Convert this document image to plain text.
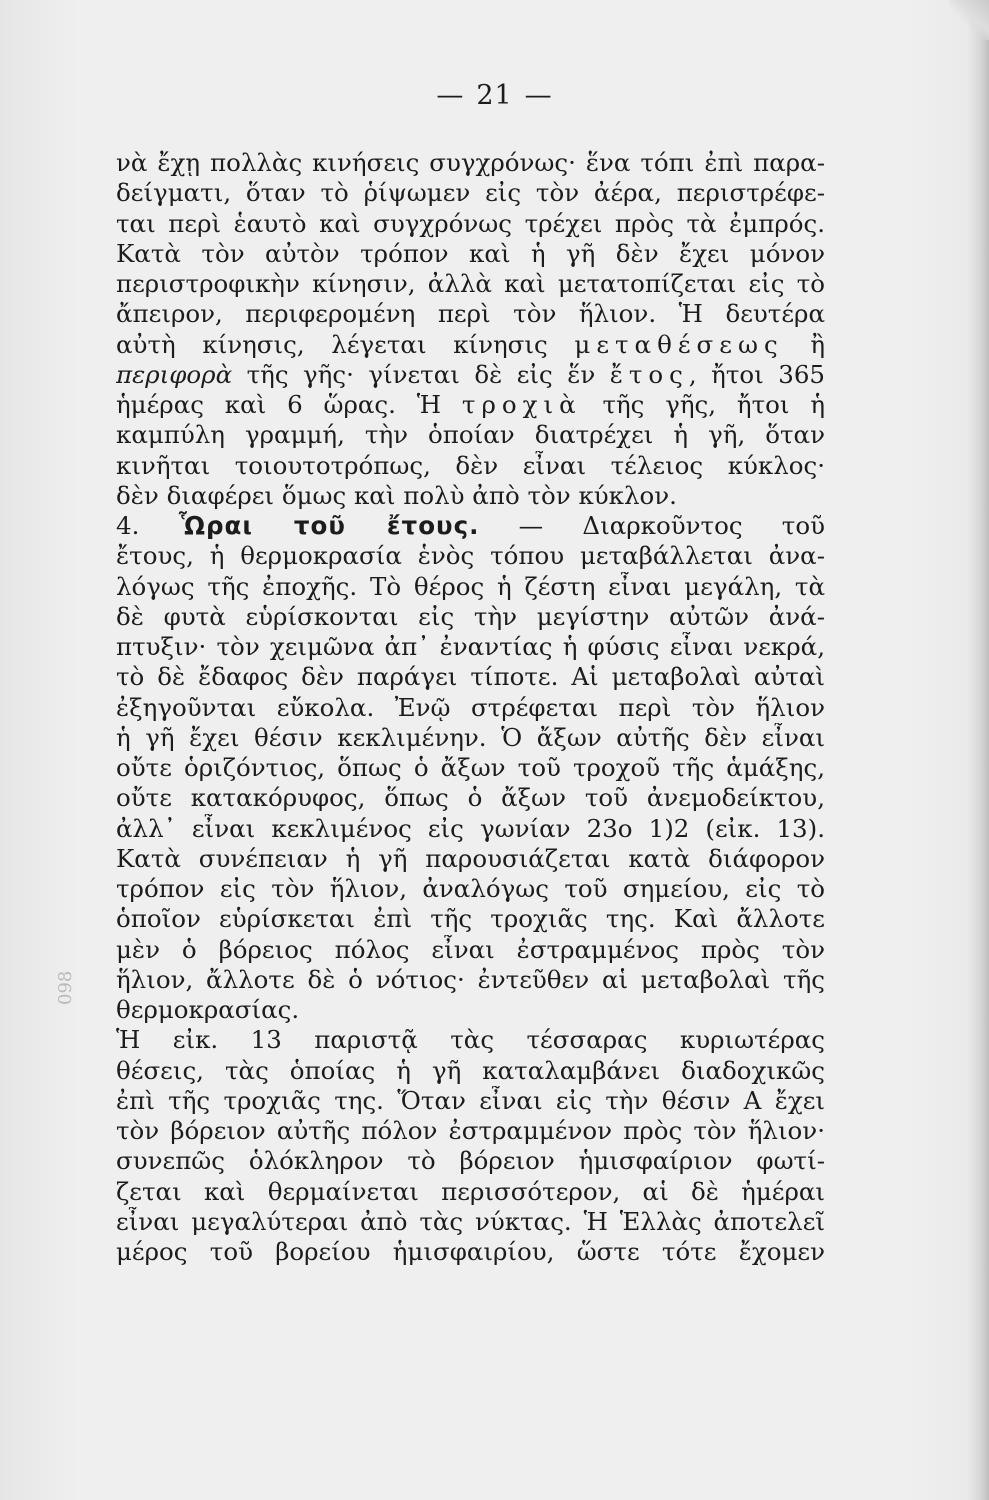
— 21 —
098
νὰ ἔχῃ πολλὰς κινήσεις συγχρόνως· ἕνα τόπι ἐπὶ παρα-
δείγματι, ὅταν τὸ ῥίψωμεν εἰς τὸν ἀέρα, περιστρέφε-
ται περὶ ἑαυτὸ καὶ συγχρόνως τρέχει πρὸς τὰ ἐμπρός.
Κατὰ τὸν αὐτὸν τρόπον καὶ ἡ γῆ δὲν ἔχει μόνον
περιστροφικὴν κίνησιν, ἀλλὰ καὶ μετατοπίζεται εἰς τὸ
ἄπειρον, περιφερομένη περὶ τὸν ἥλιον. Ἡ δευτέρα
αὐτὴ κίνησις, λέγεται κίνησις μεταθέσεως ἢ
περιφορὰ τῆς γῆς· γίνεται δὲ εἰς ἕν ἔτος, ἤτοι 365
ἡμέρας καὶ 6 ὥρας. Ἡ τροχιὰ τῆς γῆς, ἤτοι ἡ
καμπύλη γραμμή, τὴν ὁποίαν διατρέχει ἡ γῆ, ὅταν
κινῆται τοιουτοτρόπως, δὲν εἶναι τέλειος κύκλος·
δὲν διαφέρει ὅμως καὶ πολὺ ἀπὸ τὸν κύκλον.
4. Ὧραι τοῦ ἔτους. — Διαρκοῦντος τοῦ
ἔτους, ἡ θερμοκρασία ἑνὸς τόπου μεταβάλλεται ἀνα-
λόγως τῆς ἐποχῆς. Τὸ θέρος ἡ ζέστη εἶναι μεγάλη, τὰ
δὲ φυτὰ εὑρίσκονται εἰς τὴν μεγίστην αὐτῶν ἀνά-
πτυξιν· τὸν χειμῶνα ἀπ᾿ ἐναντίας ἡ φύσις εἶναι νεκρά,
τὸ δὲ ἔδαφος δὲν παράγει τίποτε. Αἱ μεταβολαὶ αὐταὶ
ἐξηγοῦνται εὔκολα. Ἐνῷ στρέφεται περὶ τὸν ἥλιον
ἡ γῆ ἔχει θέσιν κεκλιμένην. Ὁ ἄξων αὐτῆς δὲν εἶναι
οὔτε ὁριζόντιος, ὅπως ὁ ἄξων τοῦ τροχοῦ τῆς ἁμάξης,
οὔτε κατακόρυφος, ὅπως ὁ ἄξων τοῦ ἀνεμοδείκτου,
ἀλλ᾿ εἶναι κεκλιμένος εἰς γωνίαν 23ο 1)2 (εἰκ. 13).
Κατὰ συνέπειαν ἡ γῆ παρουσιάζεται κατὰ διάφορον
τρόπον εἰς τὸν ἥλιον, ἀναλόγως τοῦ σημείου, εἰς τὸ
ὁποῖον εὑρίσκεται ἐπὶ τῆς τροχιᾶς της. Καὶ ἄλλοτε
μὲν ὁ βόρειος πόλος εἶναι ἐστραμμένος πρὸς τὸν
ἥλιον, ἄλλοτε δὲ ὁ νότιος· ἐντεῦθεν αἱ μεταβολαὶ τῆς
θερμοκρασίας.
Ἡ εἰκ. 13 παριστᾷ τὰς τέσσαρας κυριωτέρας
θέσεις, τὰς ὁποίας ἡ γῆ καταλαμβάνει διαδοχικῶς
ἐπὶ τῆς τροχιᾶς της. Ὅταν εἶναι εἰς τὴν θέσιν Α ἔχει
τὸν βόρειον αὐτῆς πόλον ἐστραμμένον πρὸς τὸν ἥλιον·
συνεπῶς ὁλόκληρον τὸ βόρειον ἡμισφαίριον φωτί-
ζεται καὶ θερμαίνεται περισσότερον, αἱ δὲ ἡμέραι
εἶναι μεγαλύτεραι ἀπὸ τὰς νύκτας. Ἡ Ἑλλὰς ἀποτελεῖ
μέρος τοῦ βορείου ἡμισφαιρίου, ὥστε τότε ἔχομεν
